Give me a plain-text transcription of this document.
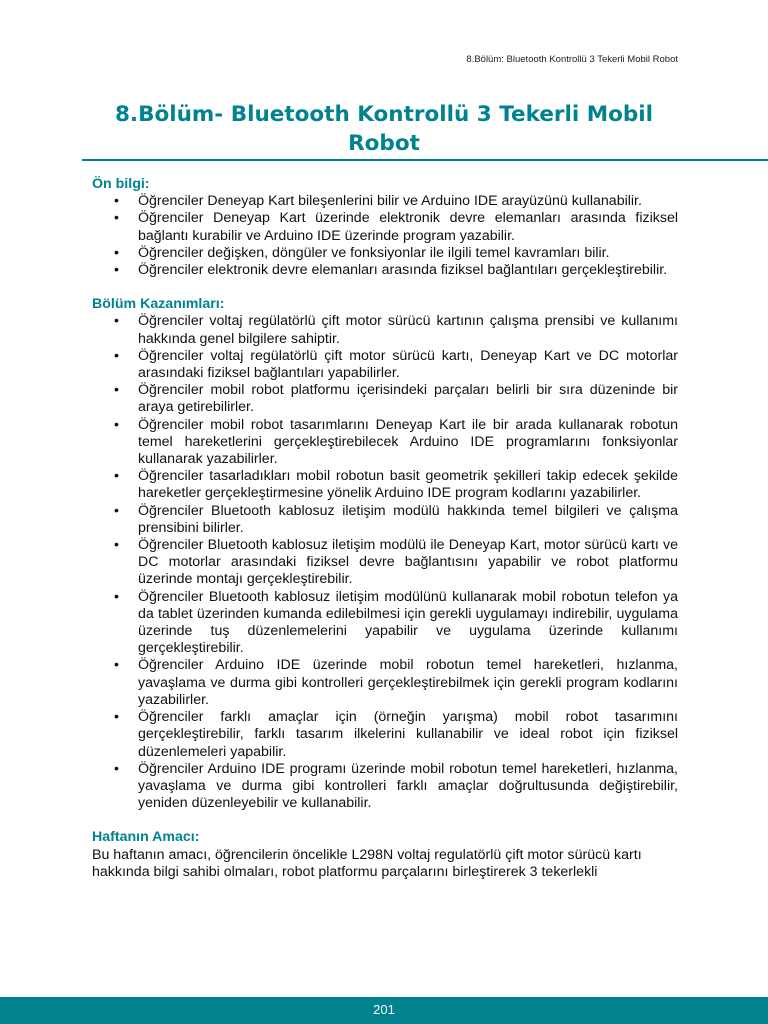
8.Bölüm: Bluetooth Kontrollü 3 Tekerli Mobil Robot
8.Bölüm- Bluetooth Kontrollü 3 Tekerli Mobil
Robot
Ön bilgi:
• Öğrenciler Deneyap Kart bileşenlerini bilir ve Arduino IDE arayüzünü kullanabilir.
• Öğrenciler Deneyap Kart üzerinde elektronik devre elemanları arasında fiziksel bağlantı kurabilir ve Arduino IDE üzerinde program yazabilir.
• Öğrenciler değişken, döngüler ve fonksiyonlar ile ilgili temel kavramları bilir.
• Öğrenciler elektronik devre elemanları arasında fiziksel bağlantıları gerçekleştirebilir.
Bölüm Kazanımları:
• Öğrenciler voltaj regülatörlü çift motor sürücü kartının çalışma prensibi ve kullanımı hakkında genel bilgilere sahiptir.
• Öğrenciler voltaj regülatörlü çift motor sürücü kartı, Deneyap Kart ve DC motorlar arasındaki fiziksel bağlantıları yapabilirler.
• Öğrenciler mobil robot platformu içerisindeki parçaları belirli bir sıra düzeninde bir araya getirebilirler.
• Öğrenciler mobil robot tasarımlarını Deneyap Kart ile bir arada kullanarak robotun temel hareketlerini gerçekleştirebilecek Arduino IDE programlarını fonksiyonlar kullanarak yazabilirler.
• Öğrenciler tasarladıkları mobil robotun basit geometrik şekilleri takip edecek şekilde hareketler gerçekleştirmesine yönelik Arduino IDE program kodlarını yazabilirler.
• Öğrenciler Bluetooth kablosuz iletişim modülü hakkında temel bilgileri ve çalışma prensibini bilirler.
• Öğrenciler Bluetooth kablosuz iletişim modülü ile Deneyap Kart, motor sürücü kartı ve DC motorlar arasındaki fiziksel devre bağlantısını yapabilir ve robot platformu üzerinde montajı gerçekleştirebilir.
• Öğrenciler Bluetooth kablosuz iletişim modülünü kullanarak mobil robotun telefon ya da tablet üzerinden kumanda edilebilmesi için gerekli uygulamayı indirebilir, uygulama üzerinde tuş düzenlemelerini yapabilir ve uygulama üzerinde kullanımı gerçekleştirebilir.
• Öğrenciler Arduino IDE üzerinde mobil robotun temel hareketleri, hızlanma, yavaşlama ve durma gibi kontrolleri gerçekleştirebilmek için gerekli program kodlarını yazabilirler.
• Öğrenciler farklı amaçlar için (örneğin yarışma) mobil robot tasarımını gerçekleştirebilir, farklı tasarım ilkelerini kullanabilir ve ideal robot için fiziksel düzenlemeleri yapabilir.
• Öğrenciler Arduino IDE programı üzerinde mobil robotun temel hareketleri, hızlanma, yavaşlama ve durma gibi kontrolleri farklı amaçlar doğrultusunda değiştirebilir, yeniden düzenleyebilir ve kullanabilir.
Haftanın Amacı:

Bu haftanın amacı, öğrencilerin öncelikle L298N voltaj regulatörlü çift motor sürücü kartı hakkında bilgi sahibi olmaları, robot platformu parçalarını birleştirerek 3 tekerlekli

201
